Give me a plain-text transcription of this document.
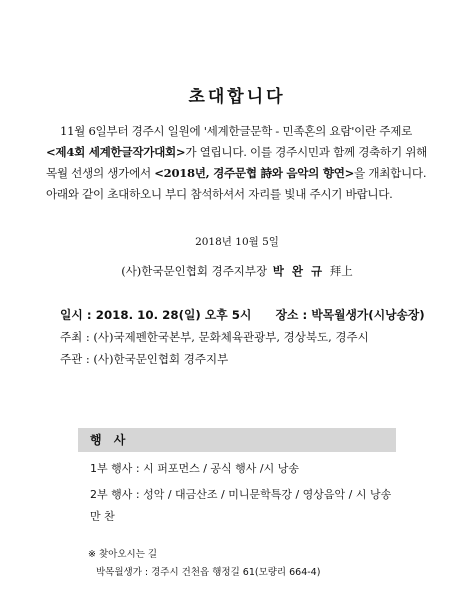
초대합니다

11월 6일부터 경주시 일원에 '세계한글문학 - 민족혼의 요람'이란 주제로

<제4회 세계한글작가대회>가 열립니다. 이를 경주시민과 함께 경축하기 위해

목월 선생의 생가에서 <2018년, 경주문협 詩와 음악의 향연>을 개최합니다.

아래와 같이 초대하오니 부디 참석하셔서 자리를 빛내 주시기 바랍니다.

2018년 10월 5일
(사)한국문인협회 경주지부장 박 완 규 拜上
일시 : 2018. 10. 28(일) 오후 5시 장소 : 박목월생가(시낭송장)
주최 : (사)국제펜한국본부, 문화체육관광부, 경상북도, 경주시
주관 : (사)한국문인협회 경주지부
행 사
1부 행사 : 시 퍼포먼스 / 공식 행사 /시 낭송
2부 행사 : 성악 / 대금산조 / 미니문학특강 / 영상음악 / 시 낭송
만 찬
※ 찾아오시는 길
박목월생가 : 경주시 건천읍 행정길 61(모량리 664-4)
